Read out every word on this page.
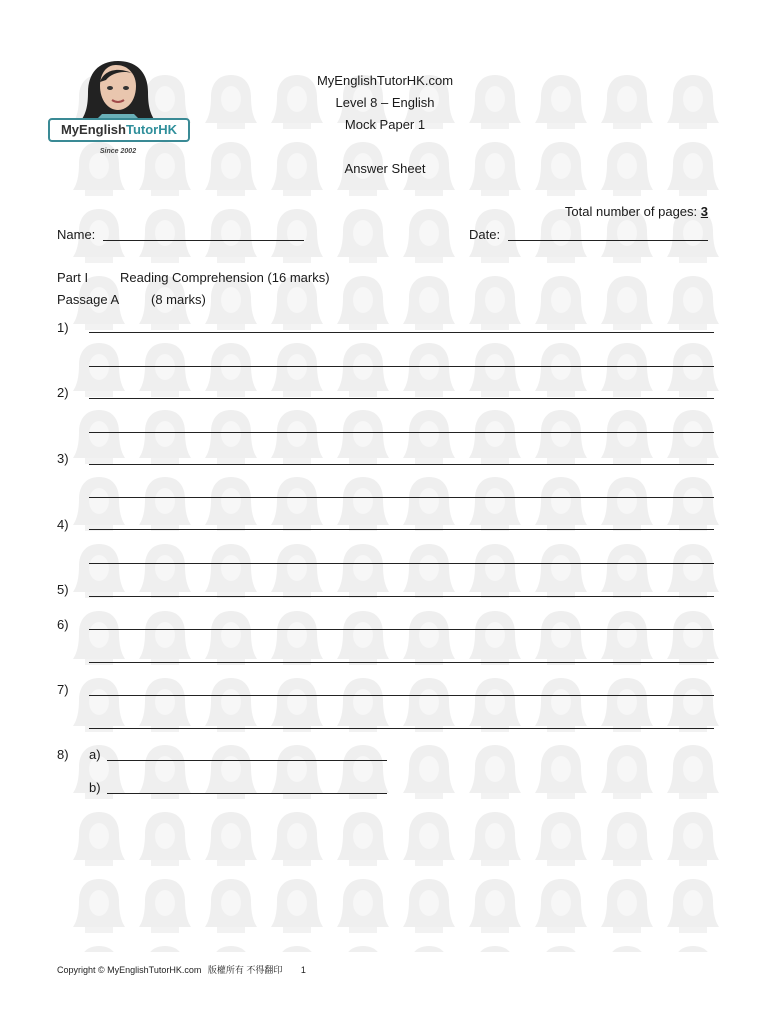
MyEnglishTutorHK
Since 2002
MyEnglishTutorHK.com
Level 8 – English
Mock Paper 1
Answer Sheet
Total number of pages: 3
Name:	Date:
Part I Reading Comprehension (16 marks)
Passage A (8 marks)
1)
2)
3)
4)
5)
6)
7)
8) a)
b)
Copyright © MyEnglishTutorHK.com 版權所有 不得翻印 1
